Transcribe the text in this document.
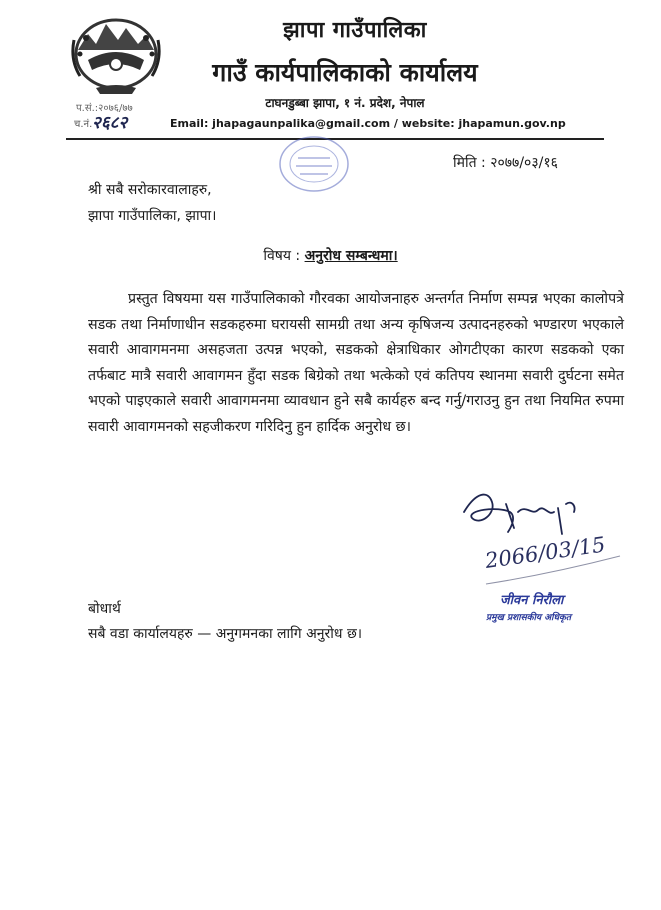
झापा गाउँपालिका
गाउँ कार्यपालिकाको कार्यालय
टाघनडुब्बा झापा, १ नं. प्रदेश, नेपाल
Email: jhapagaunpalika@gmail.com / website: jhapamun.gov.np
प.सं.:२०७६/७७
च.नं. २६८२
मिति : २०७७/०३/१६
श्री सबै सरोकारवालाहरु,
झापा गाउँपालिका, झापा।
विषय : अनुरोध सम्बन्धमा।
प्रस्तुत विषयमा यस गाउँपालिकाको गौरवका आयोजनाहरु अन्तर्गत निर्माण सम्पन्न भएका कालोपत्रे सडक तथा निर्माणाधीन सडकहरुमा घरायसी सामग्री तथा अन्य कृषिजन्य उत्पादनहरुको भण्डारण भएकाले सवारी आवागमनमा असहजता उत्पन्न भएको, सडकको क्षेत्राधिकार ओगटीएका कारण सडकको एका तर्फबाट मात्रै सवारी आवागमन हुँदा सडक बिग्रेको तथा भत्केको एवं कतिपय स्थानमा सवारी दुर्घटना समेत भएको पाइएकाले सवारी आवागमनमा व्यावधान हुने सबै कार्यहरु बन्द गर्नु/गराउनु हुन तथा नियमित रुपमा सवारी आवागमनको सहजीकरण गरिदिनु हुन हार्दिक अनुरोध छ।
2066/03/15
जीवन निरौला
प्रमुख प्रशासकीय अधिकृत
बोधार्थ
सबै वडा कार्यालयहरु — अनुगमनका लागि अनुरोध छ।
